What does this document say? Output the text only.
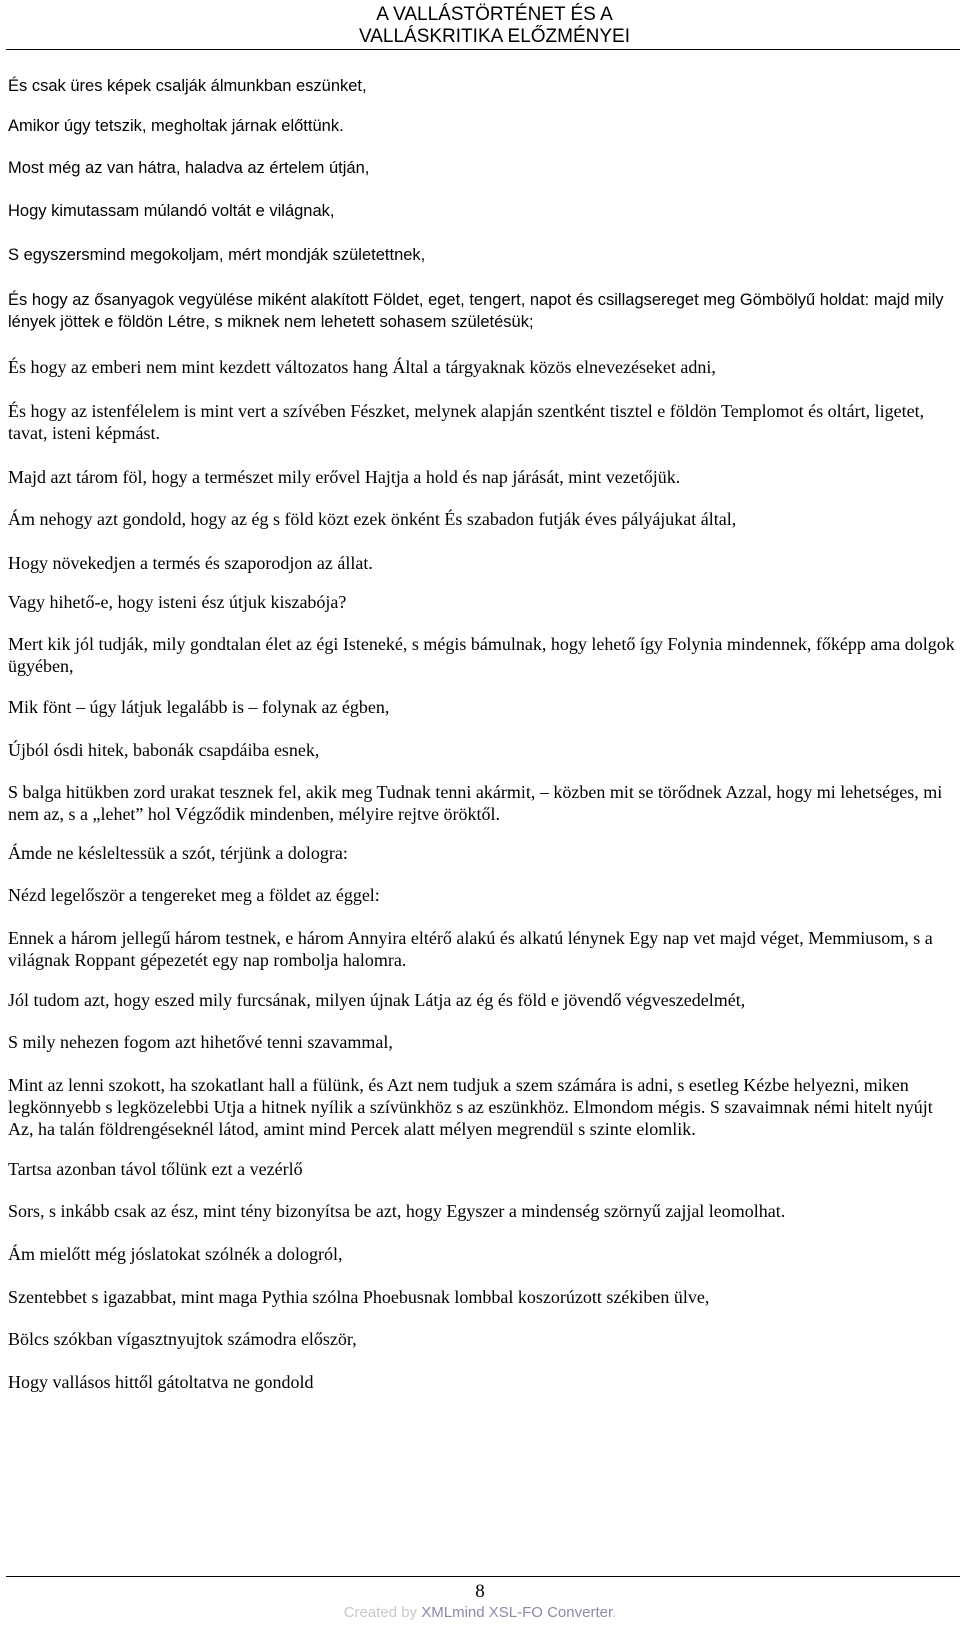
A VALLÁSTÖRTÉNET ÉS A
VALLÁSKRITIKA ELŐZMÉNYEI

És csak üres képek csalják álmunkban eszünket,

Amikor úgy tetszik, megholtak járnak előttünk.

Most még az van hátra, haladva az értelem útján,

Hogy kimutassam múlandó voltát e világnak,

S egyszersmind megokoljam, mért mondják születettnek,

És hogy az ősanyagok vegyülése miként alakított Földet, eget, tengert, napot és csillagsereget meg Gömbölyű holdat: majd mily lények jöttek e földön Létre, s miknek nem lehetett sohasem születésük;

És hogy az emberi nem mint kezdett változatos hang Által a tárgyaknak közös elnevezéseket adni,

És hogy az istenfélelem is mint vert a szívében Fészket, melynek alapján szentként tisztel e földön Templomot és oltárt, ligetet, tavat, isteni képmást.

Majd azt tárom föl, hogy a természet mily erővel Hajtja a hold és nap járását, mint vezetőjük.

Ám nehogy azt gondold, hogy az ég s föld közt ezek önként És szabadon futják éves pályájukat által,

Hogy növekedjen a termés és szaporodjon az állat.

Vagy hihető-e, hogy isteni ész útjuk kiszabója?

Mert kik jól tudják, mily gondtalan élet az égi Isteneké, s mégis bámulnak, hogy lehető így Folynia mindennek, főképp ama dolgok ügyében,

Mik fönt – úgy látjuk legalább is – folynak az égben,

Újból ósdi hitek, babonák csapdáiba esnek,

S balga hitükben zord urakat tesznek fel, akik meg Tudnak tenni akármit, – közben mit se törődnek Azzal, hogy mi lehetséges, mi nem az, s a „lehet” hol Végződik mindenben, mélyire rejtve öröktől.

Ámde ne késleltessük a szót, térjünk a dologra:

Nézd legelőször a tengereket meg a földet az éggel:

Ennek a három jellegű három testnek, e három Annyira eltérő alakú és alkatú lénynek Egy nap vet majd véget, Memmiusom, s a világnak Roppant gépezetét egy nap rombolja halomra.

Jól tudom azt, hogy eszed mily furcsának, milyen újnak Látja az ég és föld e jövendő végveszedelmét,

S mily nehezen fogom azt hihetővé tenni szavammal,

Mint az lenni szokott, ha szokatlant hall a fülünk, és Azt nem tudjuk a szem számára is adni, s esetleg Kézbe helyezni, miken legkönnyebb s legközelebbi Utja a hitnek nyílik a szívünkhöz s az eszünkhöz. Elmondom mégis. S szavaimnak némi hitelt nyújt Az, ha talán földrengéseknél látod, amint mind Percek alatt mélyen megrendül s szinte elomlik.

Tartsa azonban távol tőlünk ezt a vezérlő

Sors, s inkább csak az ész, mint tény bizonyítsa be azt, hogy Egyszer a mindenség szörnyű zajjal leomolhat.

Ám mielőtt még jóslatokat szólnék a dologról,

Szentebbet s igazabbat, mint maga Pythia szólna Phoebusnak lombbal koszorúzott székiben ülve,

Bölcs szókban vígasztnyujtok számodra először,

Hogy vallásos hittől gátoltatva ne gondold

8
Created by XMLmind XSL-FO Converter.
